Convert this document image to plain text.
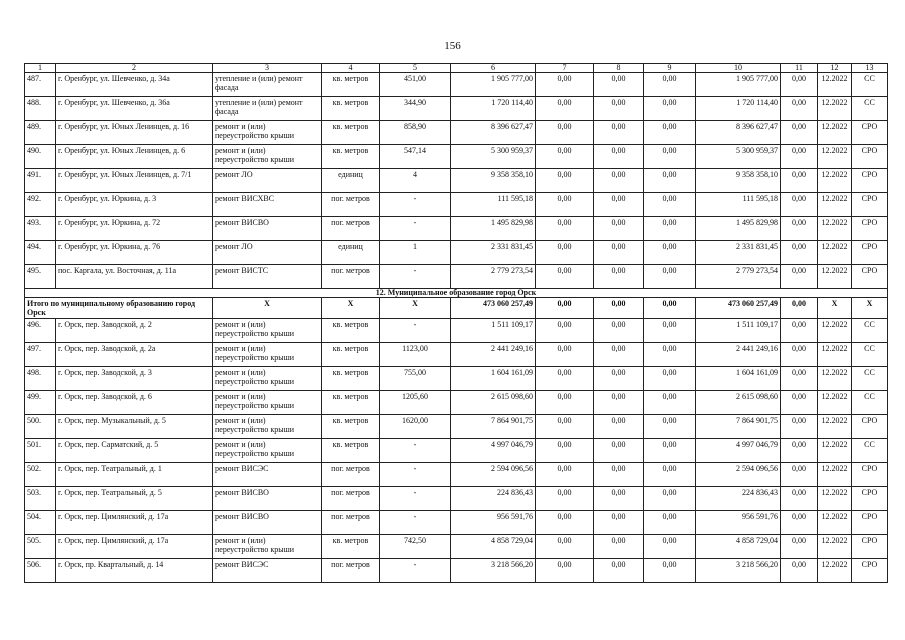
156
1	2	3	4	5	6	7	8	9	10	11	12	13
487.	г. Оренбург, ул. Шевченко, д. 34а	утепление и (или) ремонт фасада	кв. метров	451,00	1 905 777,00	0,00	0,00	0,00	1 905 777,00	0,00	12.2022	СС
488.	г. Оренбург, ул. Шевченко, д. 36а	утепление и (или) ремонт фасада	кв. метров	344,90	1 720 114,40	0,00	0,00	0,00	1 720 114,40	0,00	12.2022	СС
489.	г. Оренбург, ул. Юных Ленинцев, д. 16	ремонт и (или) переустройство крыши	кв. метров	858,90	8 396 627,47	0,00	0,00	0,00	8 396 627,47	0,00	12.2022	СРО
490.	г. Оренбург, ул. Юных Ленинцев, д. 6	ремонт и (или) переустройство крыши	кв. метров	547,14	5 300 959,37	0,00	0,00	0,00	5 300 959,37	0,00	12.2022	СРО
491.	г. Оренбург, ул. Юных Ленинцев, д. 7/1	ремонт ЛО	единиц	4	9 358 358,10	0,00	0,00	0,00	9 358 358,10	0,00	12.2022	СРО
492.	г. Оренбург, ул. Юркина, д. 3	ремонт ВИСХВС	пог. метров	-	111 595,18	0,00	0,00	0,00	111 595,18	0,00	12.2022	СРО
493.	г. Оренбург, ул. Юркина, д. 72	ремонт ВИСВО	пог. метров	-	1 495 829,98	0,00	0,00	0,00	1 495 829,98	0,00	12.2022	СРО
494.	г. Оренбург, ул. Юркина, д. 76	ремонт ЛО	единиц	1	2 331 831,45	0,00	0,00	0,00	2 331 831,45	0,00	12.2022	СРО
495.	пос. Каргала, ул. Восточная, д. 11а	ремонт ВИСТС	пог. метров	-	2 779 273,54	0,00	0,00	0,00	2 779 273,54	0,00	12.2022	СРО
12. Муниципальное образование город Орск												
Итого по муниципальному образованию город Орск		Х	Х	Х	473 060 257,49	0,00	0,00	0,00	473 060 257,49	0,00	Х	Х
496.	г. Орск, пер. Заводской, д. 2	ремонт и (или) переустройство крыши	кв. метров	-	1 511 109,17	0,00	0,00	0,00	1 511 109,17	0,00	12.2022	СС
497.	г. Орск, пер. Заводской, д. 2а	ремонт и (или) переустройство крыши	кв. метров	1123,00	2 441 249,16	0,00	0,00	0,00	2 441 249,16	0,00	12.2022	СС
498.	г. Орск, пер. Заводской, д. 3	ремонт и (или) переустройство крыши	кв. метров	755,00	1 604 161,09	0,00	0,00	0,00	1 604 161,09	0,00	12.2022	СС
499.	г. Орск, пер. Заводской, д. 6	ремонт и (или) переустройство крыши	кв. метров	1205,60	2 615 098,60	0,00	0,00	0,00	2 615 098,60	0,00	12.2022	СС
500.	г. Орск, пер. Музыкальный, д. 5	ремонт и (или) переустройство крыши	кв. метров	1620,00	7 864 901,75	0,00	0,00	0,00	7 864 901,75	0,00	12.2022	СРО
501.	г. Орск, пер. Сарматский, д. 5	ремонт и (или) переустройство крыши	кв. метров	-	4 997 046,79	0,00	0,00	0,00	4 997 046,79	0,00	12.2022	СС
502.	г. Орск, пер. Театральный, д. 1	ремонт ВИСЭС	пог. метров	-	2 594 096,56	0,00	0,00	0,00	2 594 096,56	0,00	12.2022	СРО
503.	г. Орск, пер. Театральный, д. 5	ремонт ВИСВО	пог. метров	-	224 836,43	0,00	0,00	0,00	224 836,43	0,00	12.2022	СРО
504.	г. Орск, пер. Цимлянский, д. 17а	ремонт ВИСВО	пог. метров	-	956 591,76	0,00	0,00	0,00	956 591,76	0,00	12.2022	СРО
505.	г. Орск, пер. Цимлянский, д. 17а	ремонт и (или) переустройство крыши	кв. метров	742,50	4 858 729,04	0,00	0,00	0,00	4 858 729,04	0,00	12.2022	СРО
506.	г. Орск, пр. Квартальный, д. 14	ремонт ВИСЭС	пог. метров	-	3 218 566,20	0,00	0,00	0,00	3 218 566,20	0,00	12.2022	СРО
